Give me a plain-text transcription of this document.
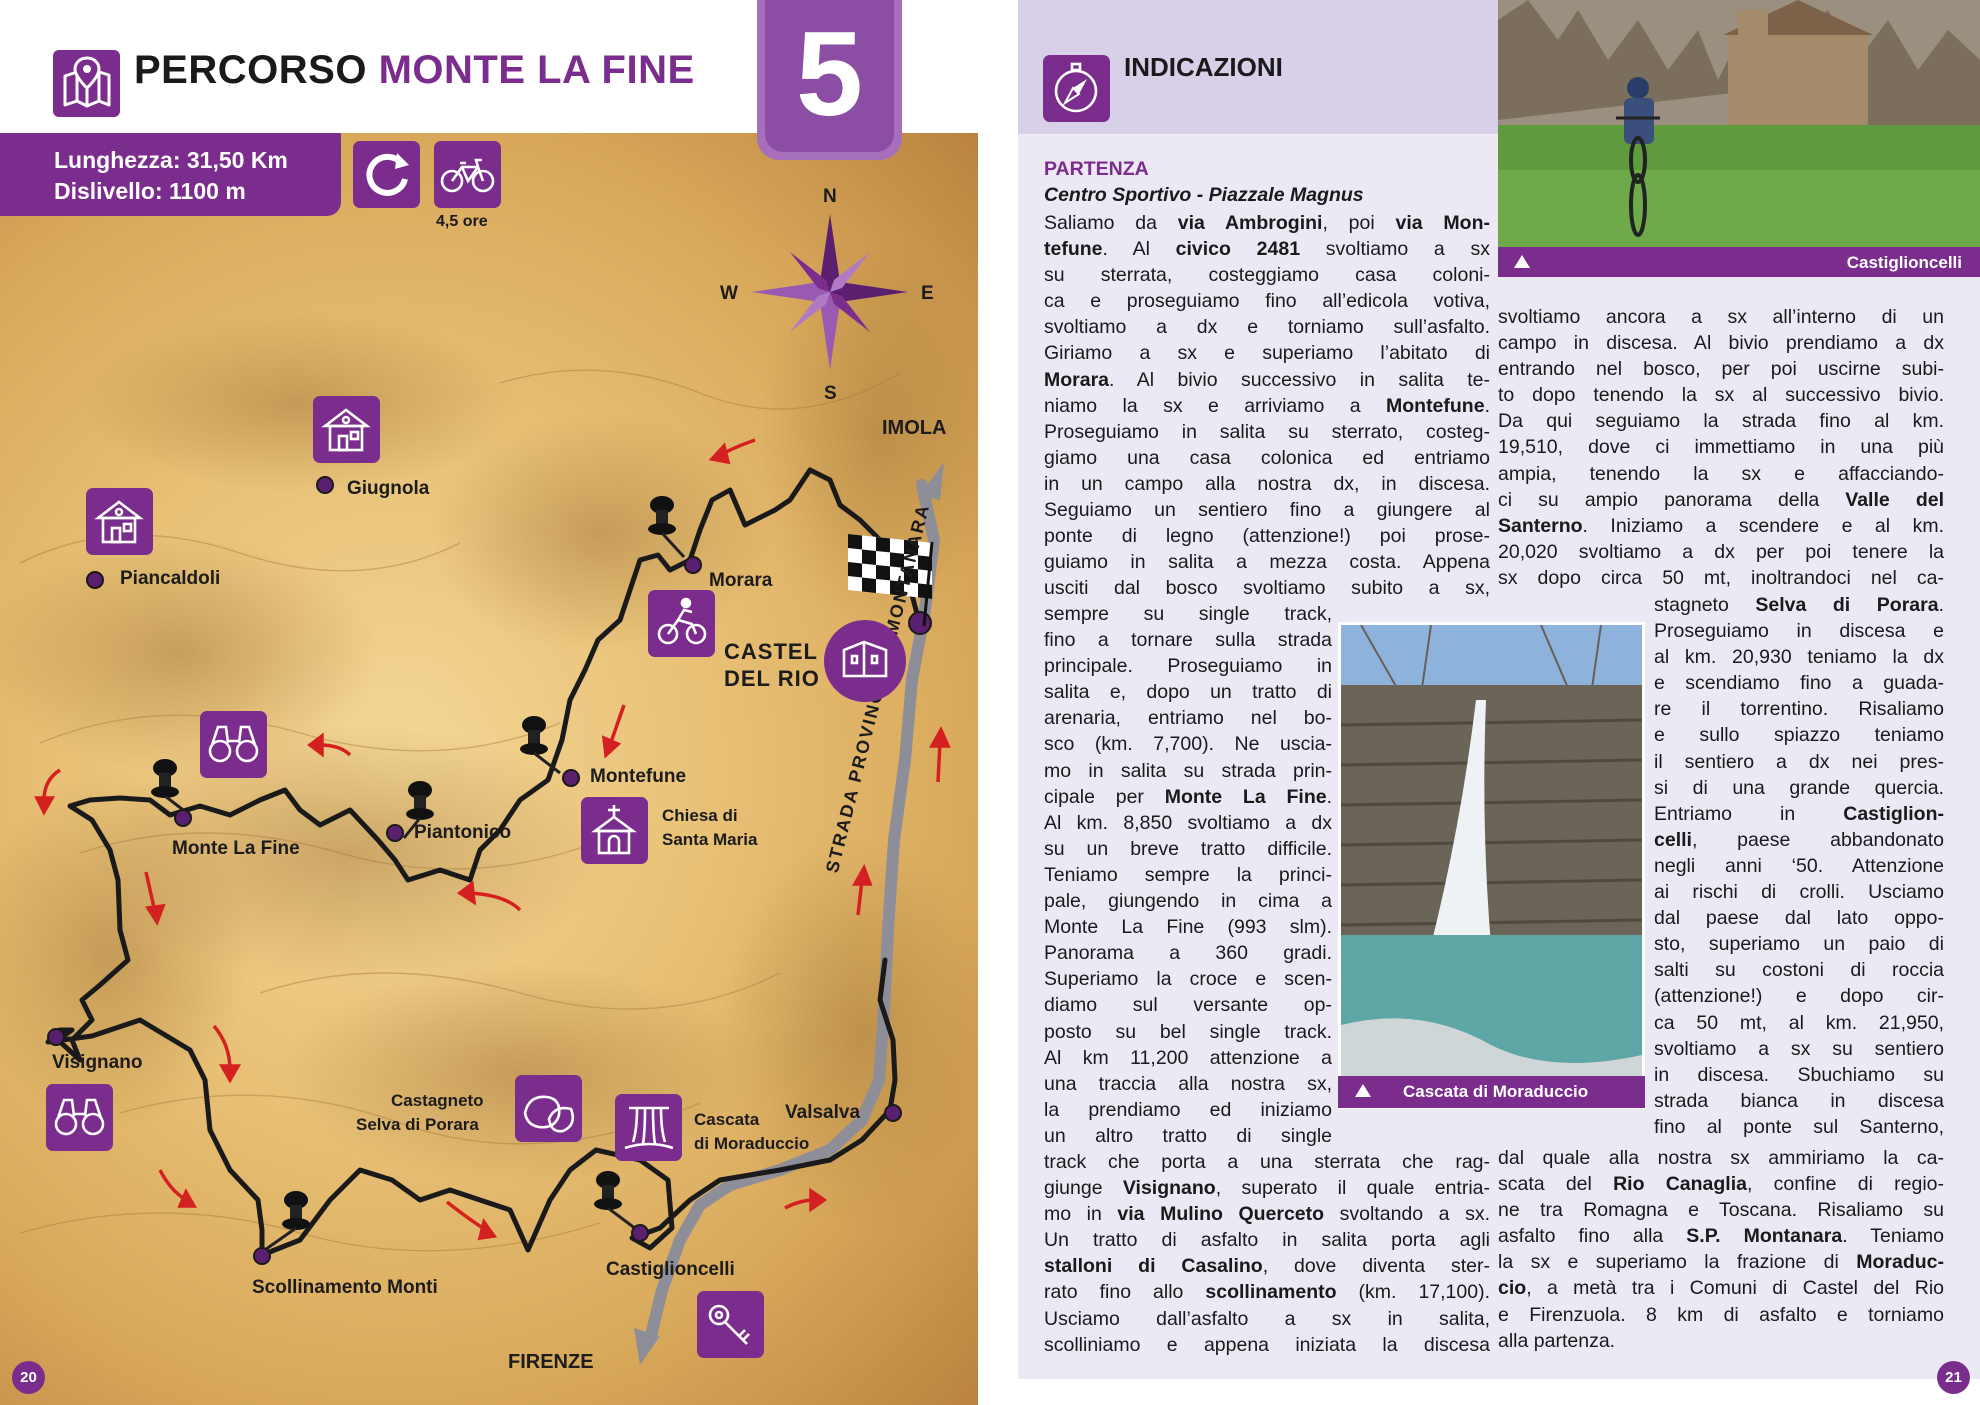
PERCORSO MONTE LA FINE
Lunghezza: 31,50 Km
Dislivello: 1100 m
4,5 ore
5
N
S
W	E
IMOLA
FIRENZE
STRADA PROVINCIALE MONTANARA
Giugnola
Piancaldoli	Morara
CASTEL
DEL RIO
Montefune
Chiesa di
Santa Maria
Monte La Fine
Piantonico
Visignano
Castagneto
Selva di Porara	Cascata
di Moraduccio
Valsalva
Scollinamento Monti
Castiglioncelli
20
INDICAZIONI
Castiglioncelli
PARTENZA
Centro Sportivo - Piazzale Magnus
Saliamo da via Ambrogini, poi via Mon-
tefune. Al civico 2481 svoltiamo a sx
su sterrata, costeggiamo casa coloni-
ca e proseguiamo fino all’edicola votiva,
svoltiamo a dx e torniamo sull’asfalto.
Giriamo a sx e superiamo l’abitato di
Morara. Al bivio successivo in salita te-
niamo la sx e arriviamo a Montefune.
Proseguiamo in salita su sterrato, costeg-
giamo una casa colonica ed entriamo
in un campo alla nostra dx, in discesa.
Seguiamo un sentiero fino a giungere al
ponte di legno (attenzione!) poi prose-
guiamo in salita a mezza costa. Appena
usciti dal bosco svoltiamo subito a sx,
sempre su single track,
fino a tornare sulla strada
principale. Proseguiamo in
salita e, dopo un tratto di
arenaria, entriamo nel bo-
sco (km. 7,700). Ne uscia-
mo in salita su strada prin-
cipale per Monte La Fine.
Al km. 8,850 svoltiamo a dx
su un breve tratto difficile.
Teniamo sempre la princi-
pale, giungendo in cima a
Monte La Fine (993 slm).
Panorama a 360 gradi.
Superiamo la croce e scen-
diamo sul versante op-
posto su bel single track.
Al km 11,200 attenzione a
una traccia alla nostra sx,
la prendiamo ed iniziamo
un altro tratto di single
track che porta a una sterrata che rag-
giunge Visignano, superato il quale entria-
mo in via Mulino Querceto svoltando a sx.
Un tratto di asfalto in salita porta agli
stalloni di Casalino, dove diventa ster-
rato fino allo scollinamento (km. 17,100).
Usciamo dall’asfalto a sx in salita,
scolliniamo e appena iniziata la discesa
svoltiamo ancora a sx all’interno di un
campo in discesa. Al bivio prendiamo a dx
entrando nel bosco, per poi uscirne subi-
to dopo tenendo la sx al successivo bivio.
Da qui seguiamo la strada fino al km.
19,510, dove ci immettiamo in una più
ampia, tenendo la sx e affacciando-
ci su ampio panorama della Valle del
Santerno. Iniziamo a scendere e al km.
20,020 svoltiamo a dx per poi tenere la
sx dopo circa 50 mt, inoltrandoci nel ca-
stagneto Selva di Porara.
Proseguiamo in discesa e
al km. 20,930 teniamo la dx
e scendiamo fino a guada-
re il torrentino. Risaliamo
e sullo spiazzo teniamo
il sentiero a dx nei pres-
si di una grande quercia.
Entriamo in Castiglion-
celli, paese abbandonato
negli anni ‘50. Attenzione
ai rischi di crolli. Usciamo
dal paese dal lato oppo-
sto, superiamo un paio di
salti su costoni di roccia
(attenzione!) e dopo cir-
ca 50 mt, al km. 21,950,
svoltiamo a sx su sentiero
in discesa. Sbuchiamo su
strada bianca in discesa
fino al ponte sul Santerno,
dal quale alla nostra sx ammiriamo la ca-
scata del Rio Canaglia, confine di regio-
ne tra Romagna e Toscana. Risaliamo su
asfalto fino alla S.P. Montanara. Teniamo
la sx e superiamo la frazione di Moraduc-
cio, a metà tra i Comuni di Castel del Rio
e Firenzuola. 8 km di asfalto e torniamo
alla partenza.
Cascata di Moraduccio
21
